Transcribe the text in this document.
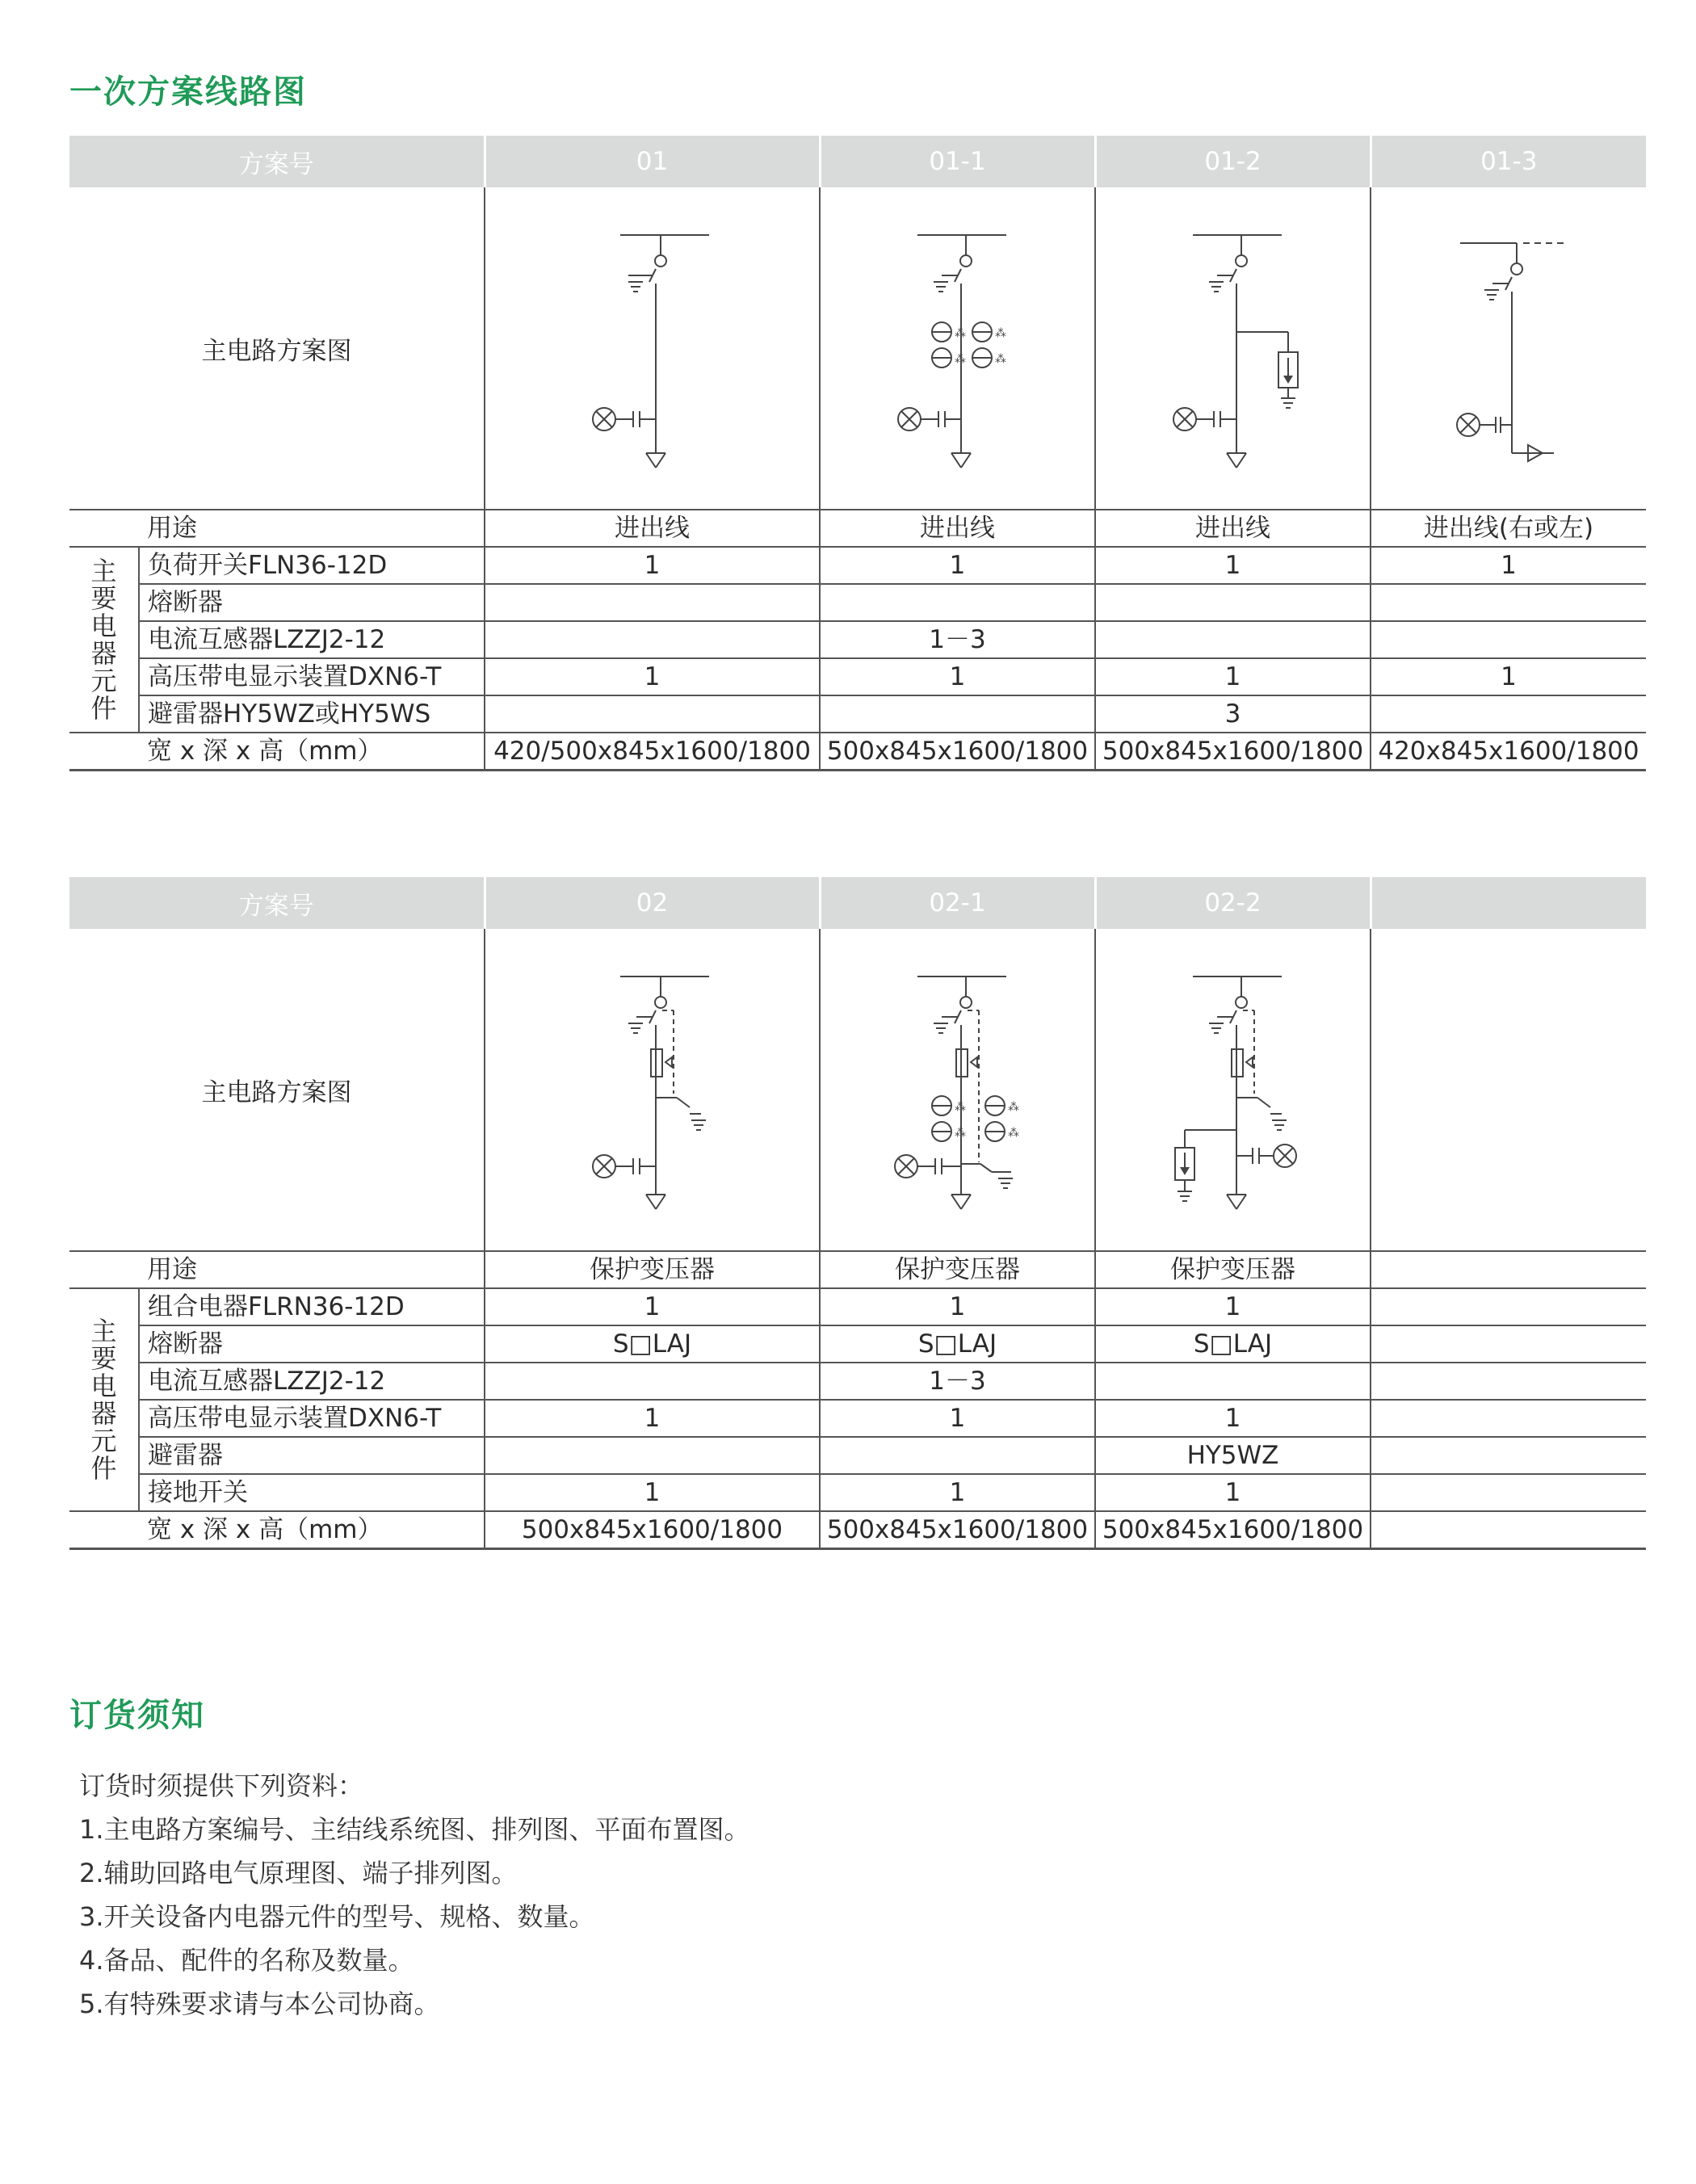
一次方案线路图
方案号		01	01-1	01-2	01-3
主电路方案图	

	用途	进出线	进出线	进出线	进出线(右或左)

主要电器元件	负荷开关FLN36-12D	1	1	1	1
	熔断器				
	电流互感器LZZJ2-12		1－3		
	高压带电显示装置DXN6-T	1	1	1	1
	避雷器HY5WZ或HY5WS			3	
	宽 x 深 x 高（mm）	420/500x845x1600/1800	500x845x1600/1800	500x845x1600/1800	420x845x1600/1800
方案号		02	02-1	02-2	
主电路方案图	

	用途	保护变压器	保护变压器	保护变压器	

主要电器元件	组合电器FLRN36-12D	1	1	1	
	熔断器	S□LAJ	S□LAJ	S□LAJ	
	电流互感器LZZJ2-12		1－3		
	高压带电显示装置DXN6-T	1	1	1	
	避雷器			HY5WZ	
	接地开关	1	1	1	
	宽 x 深 x 高（mm）	500x845x1600/1800	500x845x1600/1800	500x845x1600/1800	
订货须知

订货时须提供下列资料：

1.主电路方案编号、主结线系统图、排列图、平面布置图。

2.辅助回路电气原理图、端子排列图。

3.开关设备内电器元件的型号、规格、数量。

4.备品、配件的名称及数量。

5.有特殊要求请与本公司协商。
